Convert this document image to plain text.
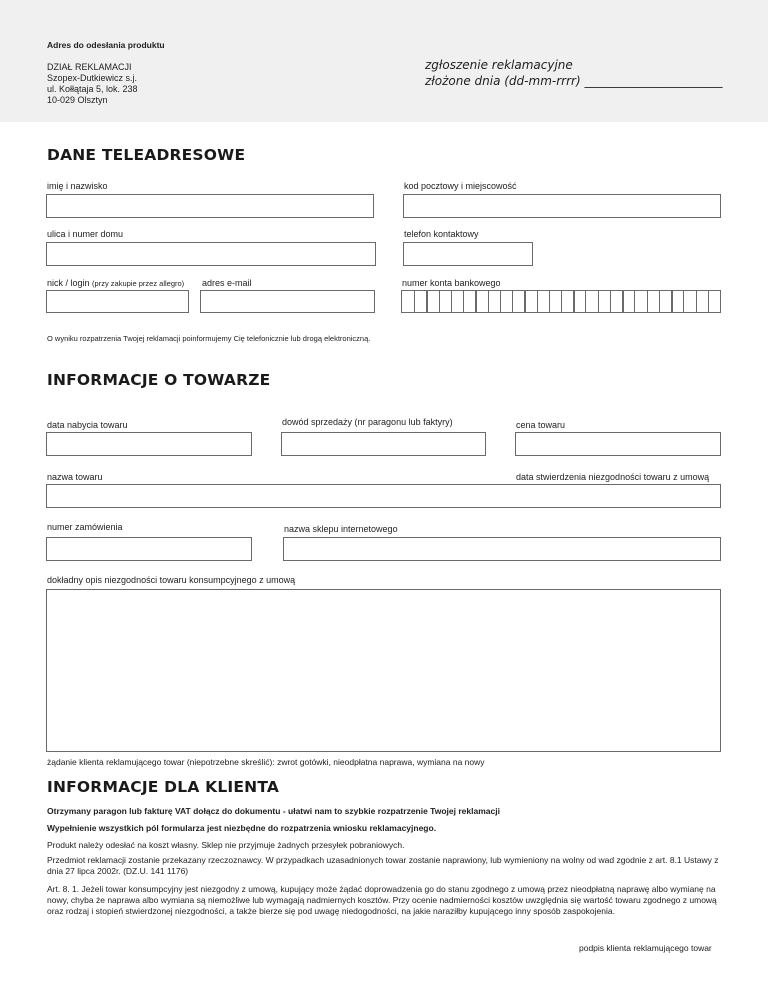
Adres do odesłania produktu
DZIAŁ REKLAMACJI
Szopex-Dutkiewicz s.j.
ul. Kołłątaja 5, lok. 238
10-029 Olsztyn
zgłoszenie reklamacyjne
złożone dnia (dd-mm-rrrr) _______________________
DANE TELEADRESOWE
imię i nazwisko	kod pocztowy i miejscowość
ulica i numer domu	telefon kontaktowy
nick / login (przy zakupie przez allegro) adres e-mail	numer konta bankowego
O wyniku rozpatrzenia Twojej reklamacji poinformujemy Cię telefonicznie lub drogą elektroniczną.
INFORMACJE O TOWARZE
data nabycia towaru	dowód sprzedaży (nr paragonu lub faktyry)	cena towaru
nazwa towaru	data stwierdzenia niezgodności towaru z umową
numer zamówienia	nazwa sklepu internetowego
dokładny opis niezgodności towaru konsumpcyjnego z umową
żądanie klienta reklamującego towar (niepotrzebne skreślić): zwrot gotówki, nieodpłatna naprawa, wymiana na nowy
INFORMACJE DLA KLIENTA
Otrzymany paragon lub fakturę VAT dołącz do dokumentu - ułatwi nam to szybkie rozpatrzenie Twojej reklamacji
Wypełnienie wszystkich pól formularza jest niezbędne do rozpatrzenia wniosku reklamacyjnego.
Produkt należy odesłać na koszt własny. Sklep nie przyjmuje żadnych przesyłek pobraniowych.
Przedmiot reklamacji zostanie przekazany rzeczoznawcy. W przypadkach uzasadnionych towar zostanie naprawiony, lub wymieniony na wolny od wad zgodnie z art. 8.1 Ustawy z dnia 27 lipca 2002r. (DZ.U. 141 1176)
Art. 8. 1. Jeżeli towar konsumpcyjny jest niezgodny z umową, kupujący może żądać doprowadzenia go do stanu zgodnego z umową przez nieodpłatną naprawę albo wymianę na nowy, chyba że naprawa albo wymiana są niemożliwe lub wymagają nadmiernych kosztów. Przy ocenie nadmierności kosztów uwzględnia się wartość towaru zgodnego z umową oraz rodzaj i stopień stwierdzonej niezgodności, a także bierze się pod uwagę niedogodności, na jakie naraziłby kupującego inny sposób zaspokojenia.
podpis klienta reklamującego towar
